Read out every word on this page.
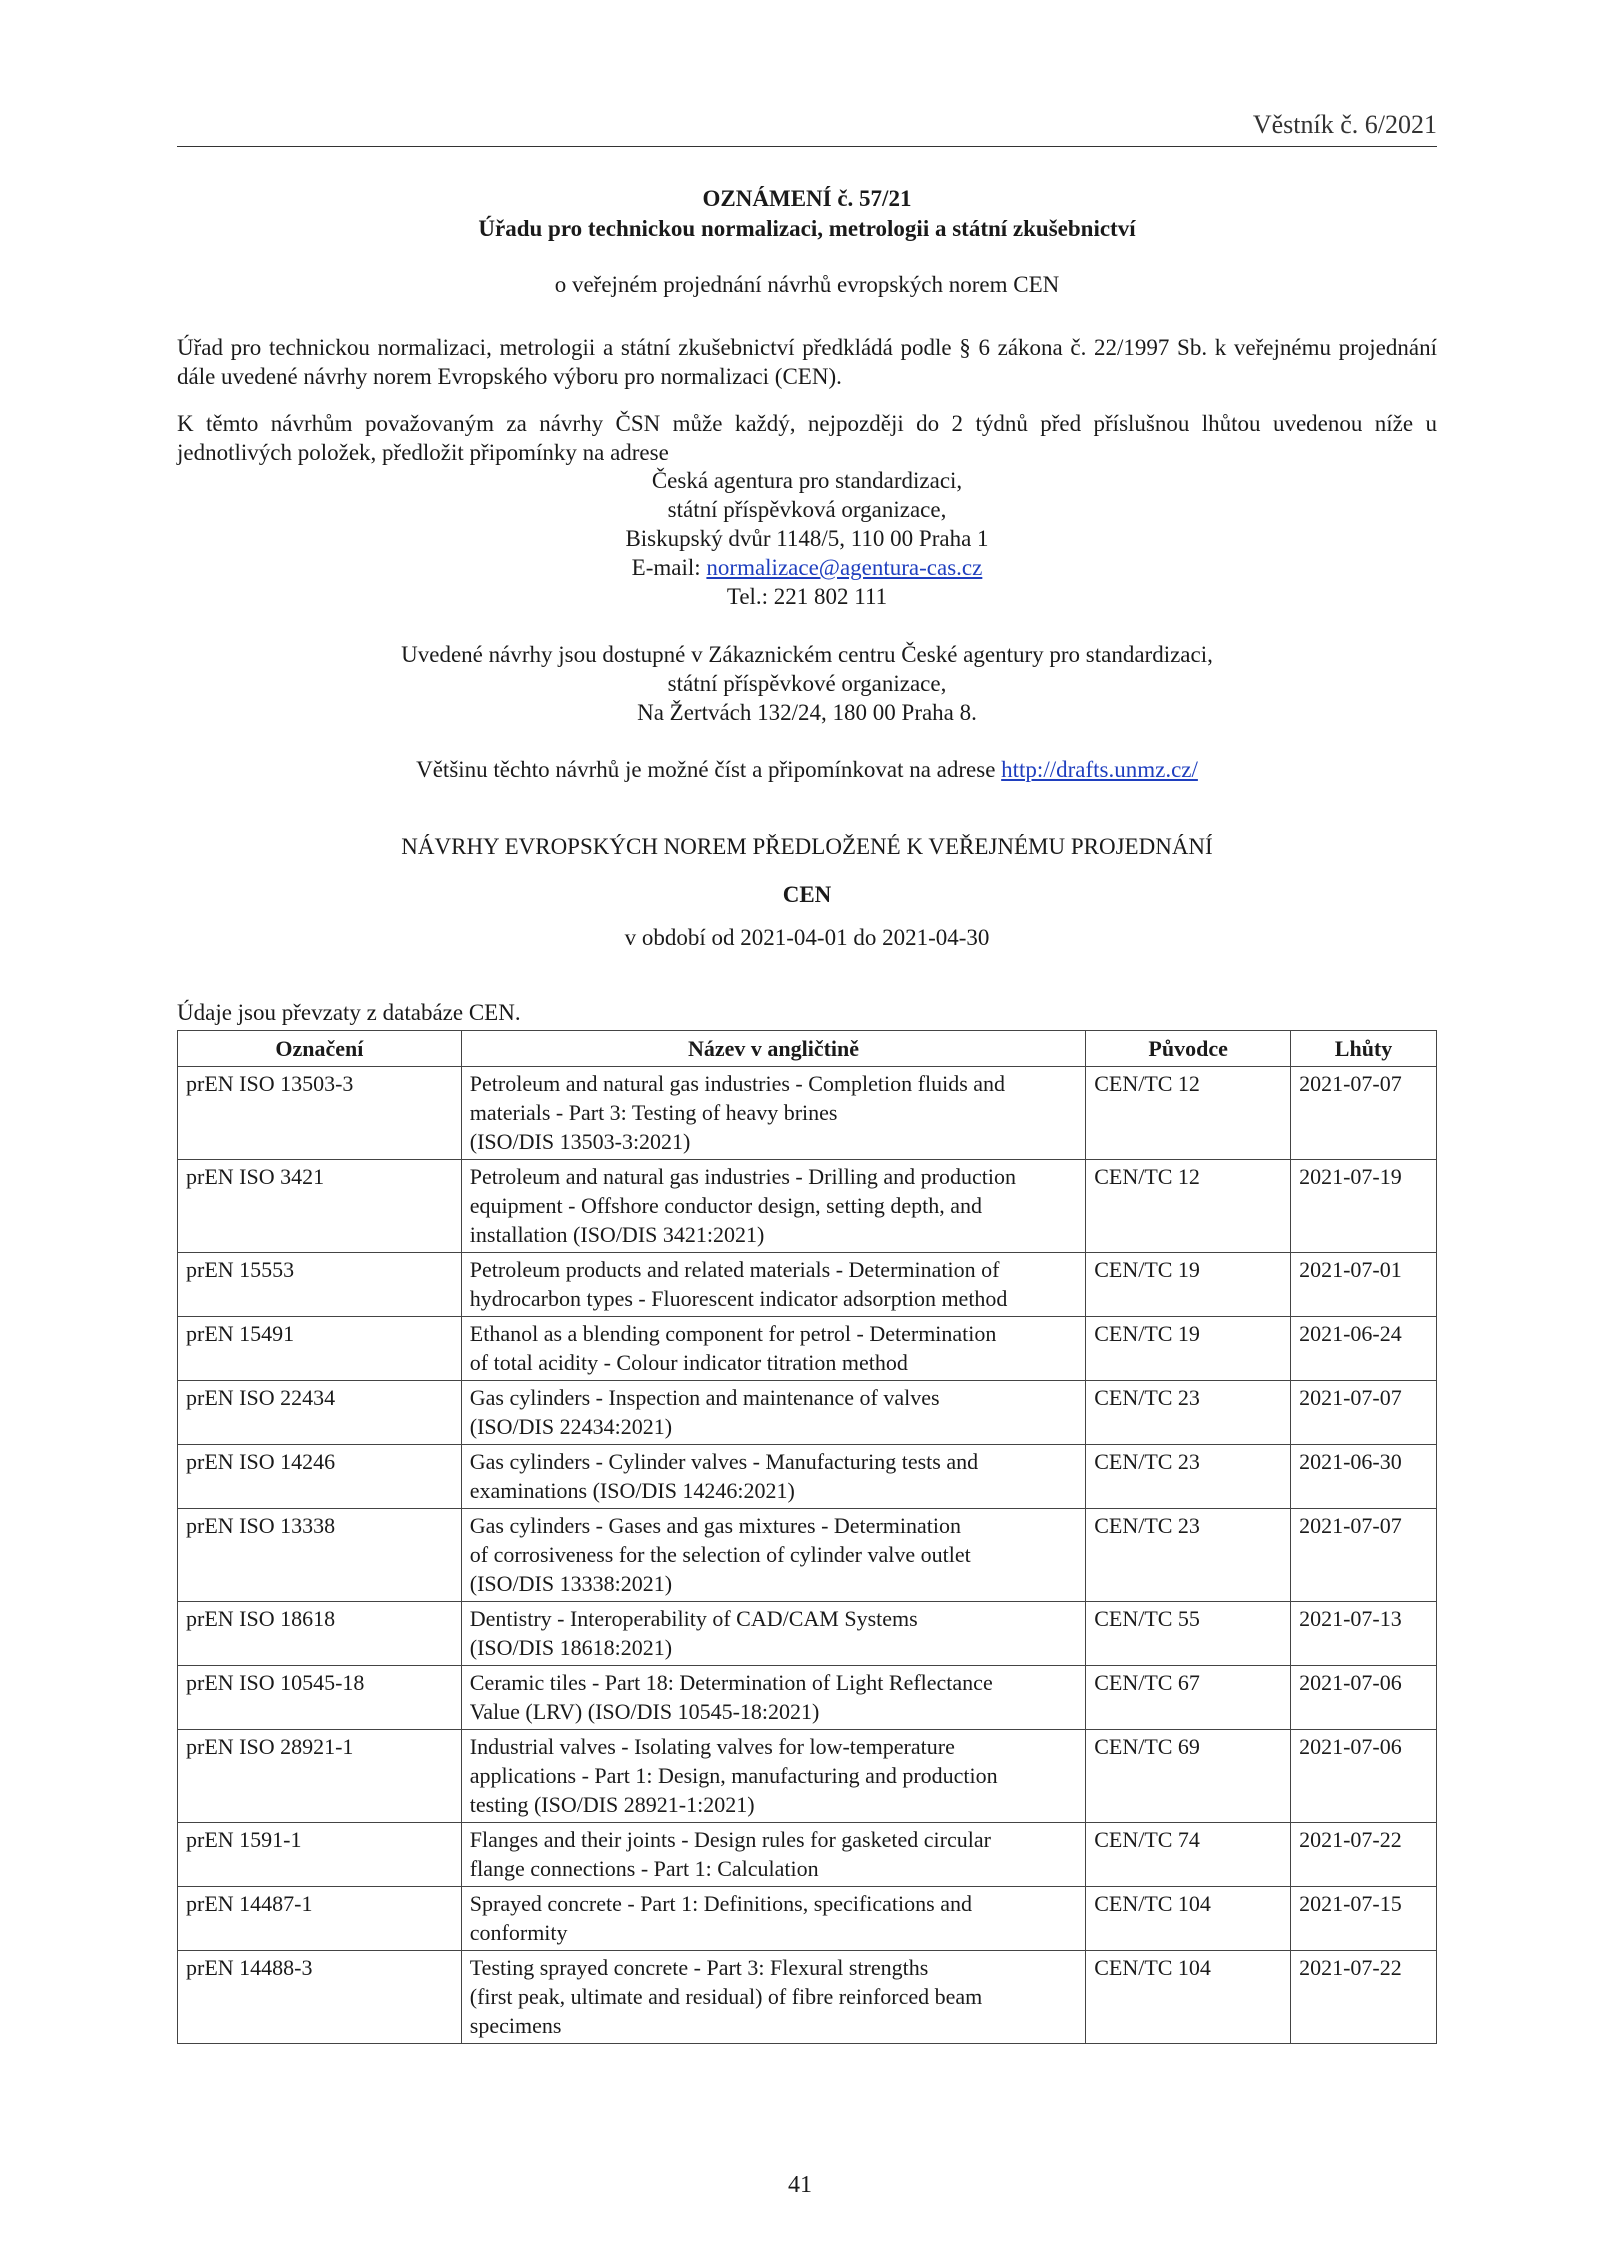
Věstník č. 6/2021
OZNÁMENÍ č. 57/21
Úřadu pro technickou normalizaci, metrologii a státní zkušebnictví
o veřejném projednání návrhů evropských norem CEN
Úřad pro technickou normalizaci, metrologii a státní zkušebnictví předkládá podle § 6 zákona č. 22/1997 Sb. k veřejnému projednání dále uvedené návrhy norem Evropského výboru pro normalizaci (CEN).
K těmto návrhům považovaným za návrhy ČSN může každý, nejpozději do 2 týdnů před příslušnou lhůtou uvedenou níže u jednotlivých položek, předložit připomínky na adrese
Česká agentura pro standardizaci,
státní příspěvková organizace,
Biskupský dvůr 1148/5, 110 00 Praha 1
E-mail: normalizace@agentura-cas.cz
Tel.: 221 802 111
Uvedené návrhy jsou dostupné v Zákaznickém centru České agentury pro standardizaci,
státní příspěvkové organizace,
Na Žertvách 132/24, 180 00 Praha 8.
Většinu těchto návrhů je možné číst a připomínkovat na adrese http://drafts.unmz.cz/
NÁVRHY EVROPSKÝCH NOREM PŘEDLOŽENÉ K VEŘEJNÉMU PROJEDNÁNÍ
CEN
v období od 2021-04-01 do 2021-04-30
Údaje jsou převzaty z databáze CEN.
Označení	Název v angličtině	Původce	Lhůty
prEN ISO 13503-3	Petroleum and natural gas industries - Completion fluids and
materials - Part 3: Testing of heavy brines
(ISO/DIS 13503-3:2021)	CEN/TC 12	2021-07-07
prEN ISO 3421	Petroleum and natural gas industries - Drilling and production
equipment - Offshore conductor design, setting depth, and
installation (ISO/DIS 3421:2021)	CEN/TC 12	2021-07-19
prEN 15553	Petroleum products and related materials - Determination of
hydrocarbon types - Fluorescent indicator adsorption method	CEN/TC 19	2021-07-01
prEN 15491	Ethanol as a blending component for petrol - Determination
of total acidity - Colour indicator titration method	CEN/TC 19	2021-06-24
prEN ISO 22434	Gas cylinders - Inspection and maintenance of valves
(ISO/DIS 22434:2021)	CEN/TC 23	2021-07-07
prEN ISO 14246	Gas cylinders - Cylinder valves - Manufacturing tests and
examinations (ISO/DIS 14246:2021)	CEN/TC 23	2021-06-30
prEN ISO 13338	Gas cylinders - Gases and gas mixtures - Determination
of corrosiveness for the selection of cylinder valve outlet
(ISO/DIS 13338:2021)	CEN/TC 23	2021-07-07
prEN ISO 18618	Dentistry - Interoperability of CAD/CAM Systems
(ISO/DIS 18618:2021)	CEN/TC 55	2021-07-13
prEN ISO 10545-18	Ceramic tiles - Part 18: Determination of Light Reflectance
Value (LRV) (ISO/DIS 10545-18:2021)	CEN/TC 67	2021-07-06
prEN ISO 28921-1	Industrial valves - Isolating valves for low-temperature
applications - Part 1: Design, manufacturing and production
testing (ISO/DIS 28921-1:2021)	CEN/TC 69	2021-07-06
prEN 1591-1	Flanges and their joints - Design rules for gasketed circular
flange connections - Part 1: Calculation	CEN/TC 74	2021-07-22
prEN 14487-1	Sprayed concrete - Part 1: Definitions, specifications and
conformity	CEN/TC 104	2021-07-15
prEN 14488-3	Testing sprayed concrete - Part 3: Flexural strengths
(first peak, ultimate and residual) of fibre reinforced beam
specimens	CEN/TC 104	2021-07-22
41
